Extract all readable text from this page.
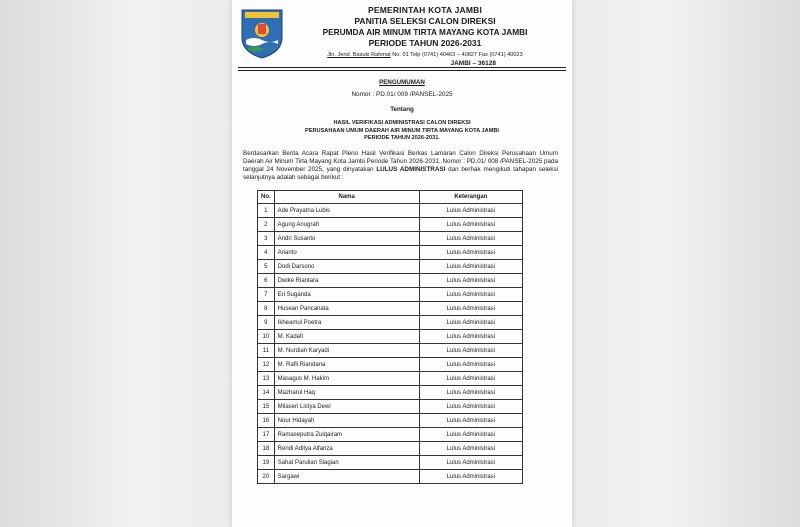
PEMERINTAH KOTA JAMBI
PANITIA SELEKSI CALON DIREKSI
PERUMDA AIR MINUM TIRTA MAYANG KOTA JAMBI
PERIODE TAHUN 2026-2031
Jln. Jend. Basuki Rahmat No. 01 Telp (0741) 40463 – 40827 Fax (0741) 40023
JAMBI – 36128
PENGUMUMAN
Nomor : PD.01/ 009 /PANSEL-2025
Tentang
HASIL VERIFIKASI ADMINISTRASI CALON DIREKSI
PERUSAHAAN UMUM DAERAH AIR MINUM TIRTA MAYANG KOTA JAMBI
PERIODE TAHUN 2026-2031.
Berdasarkan Berita Acara Rapat Pleno Hasil Verifikasi Berkas Lamaran Calon Direksi Perusahaan Umum Daerah Air Minum Tirta Mayang Kota Jambi Periode Tahun 2026-2031, Nomor : PD.01/ 008 /PANSEL-2025 pada tanggal 24 November 2025, yang dinyatakan LULUS ADMINISTRASI dan berhak mengikuti tahapan seleksi selanjutnya adalah sebagai berikut :
No.	Nama	Keterangan
1	Ade Prayatna Lubis	Lulus Administrasi
2	Agung Anugrah	Lulus Administrasi
3	Andri Susanto	Lulus Administrasi
4	Arianto	Lulus Administrasi
5	Dodi Darsono	Lulus Administrasi
6	Dwike Riantara	Lulus Administrasi
7	Eri Suganda	Lulus Administrasi
8	Husean Pancanata	Lulus Administrasi
9	Ikheamul Poetra	Lulus Administrasi
10	M. Kadafi	Lulus Administrasi
11	M. Nurdian Karyadi	Lulus Administrasi
12	M. Rafli Riandana	Lulus Administrasi
13	Masagus M. Hakim	Lulus Administrasi
14	Mazharul Haq	Lulus Administrasi
15	Milaseri Listya Dewi	Lulus Administrasi
16	Nour Hidayah	Lulus Administrasi
17	Ramaseputra Zulqairam	Lulus Administrasi
18	Rendi Aditya Alfanza	Lulus Administrasi
19	Sahat Parulian Siagian	Lulus Administrasi
20	Sargawi	Lulus Administrasi
